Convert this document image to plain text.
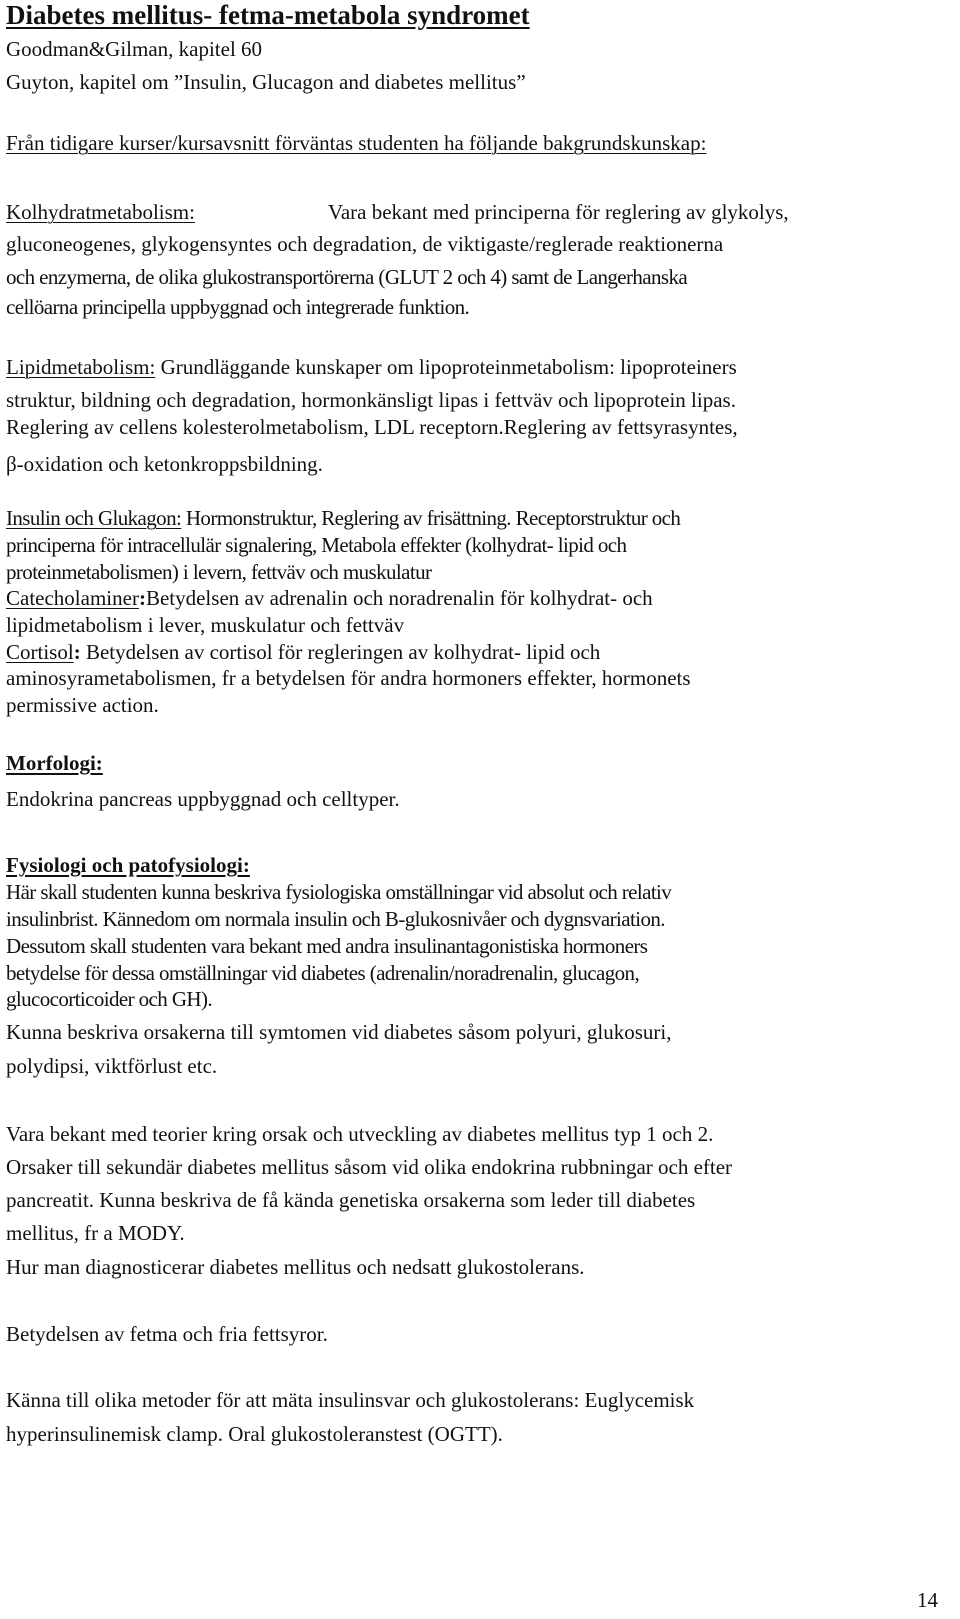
Diabetes mellitus- fetma-metabola syndromet
Goodman&Gilman, kapitel 60
Guyton, kapitel om ”Insulin, Glucagon and diabetes mellitus”
Från tidigare kurser/kursavsnitt förväntas studenten ha följande bakgrundskunskap:
Kolhydratmetabolism:	Vara bekant med principerna för reglering av glykolys,
gluconeogenes, glykogensyntes och degradation, de viktigaste/reglerade reaktionerna
och enzymerna, de olika glukostransportörerna (GLUT 2 och 4) samt de Langerhanska
cellöarna principella uppbyggnad och integrerade funktion.
Lipidmetabolism: Grundläggande kunskaper om lipoproteinmetabolism: lipoproteiners
struktur, bildning och degradation, hormonkänsligt lipas i fettväv och lipoprotein lipas.
Reglering av cellens kolesterolmetabolism, LDL receptorn.Reglering av fettsyrasyntes,
β-oxidation och ketonkroppsbildning.
Insulin och Glukagon: Hormonstruktur, Reglering av frisättning. Receptorstruktur och
principerna för intracellulär signalering, Metabola effekter (kolhydrat- lipid och
proteinmetabolismen) i levern, fettväv och muskulatur
Catecholaminer:Betydelsen av adrenalin och noradrenalin för kolhydrat- och
lipidmetabolism i lever, muskulatur och fettväv
Cortisol: Betydelsen av cortisol för regleringen av kolhydrat- lipid och
aminosyrametabolismen, fr a betydelsen för andra hormoners effekter, hormonets
permissive action.
Morfologi:
Endokrina pancreas uppbyggnad och celltyper.
Fysiologi och patofysiologi:
Här skall studenten kunna beskriva fysiologiska omställningar vid absolut och relativ
insulinbrist. Kännedom om normala insulin och B-glukosnivåer och dygnsvariation.
Dessutom skall studenten vara bekant med andra insulinantagonistiska hormoners
betydelse för dessa omställningar vid diabetes (adrenalin/noradrenalin, glucagon,
glucocorticoider och GH).
Kunna beskriva orsakerna till symtomen vid diabetes såsom polyuri, glukosuri,
polydipsi, viktförlust etc.
Vara bekant med teorier kring orsak och utveckling av diabetes mellitus typ 1 och 2.
Orsaker till sekundär diabetes mellitus såsom vid olika endokrina rubbningar och efter
pancreatit. Kunna beskriva de få kända genetiska orsakerna som leder till diabetes
mellitus, fr a MODY.
Hur man diagnosticerar diabetes mellitus och nedsatt glukostolerans.
Betydelsen av fetma och fria fettsyror.
Känna till olika metoder för att mäta insulinsvar och glukostolerans: Euglycemisk
hyperinsulinemisk clamp. Oral glukostoleranstest (OGTT).
14
